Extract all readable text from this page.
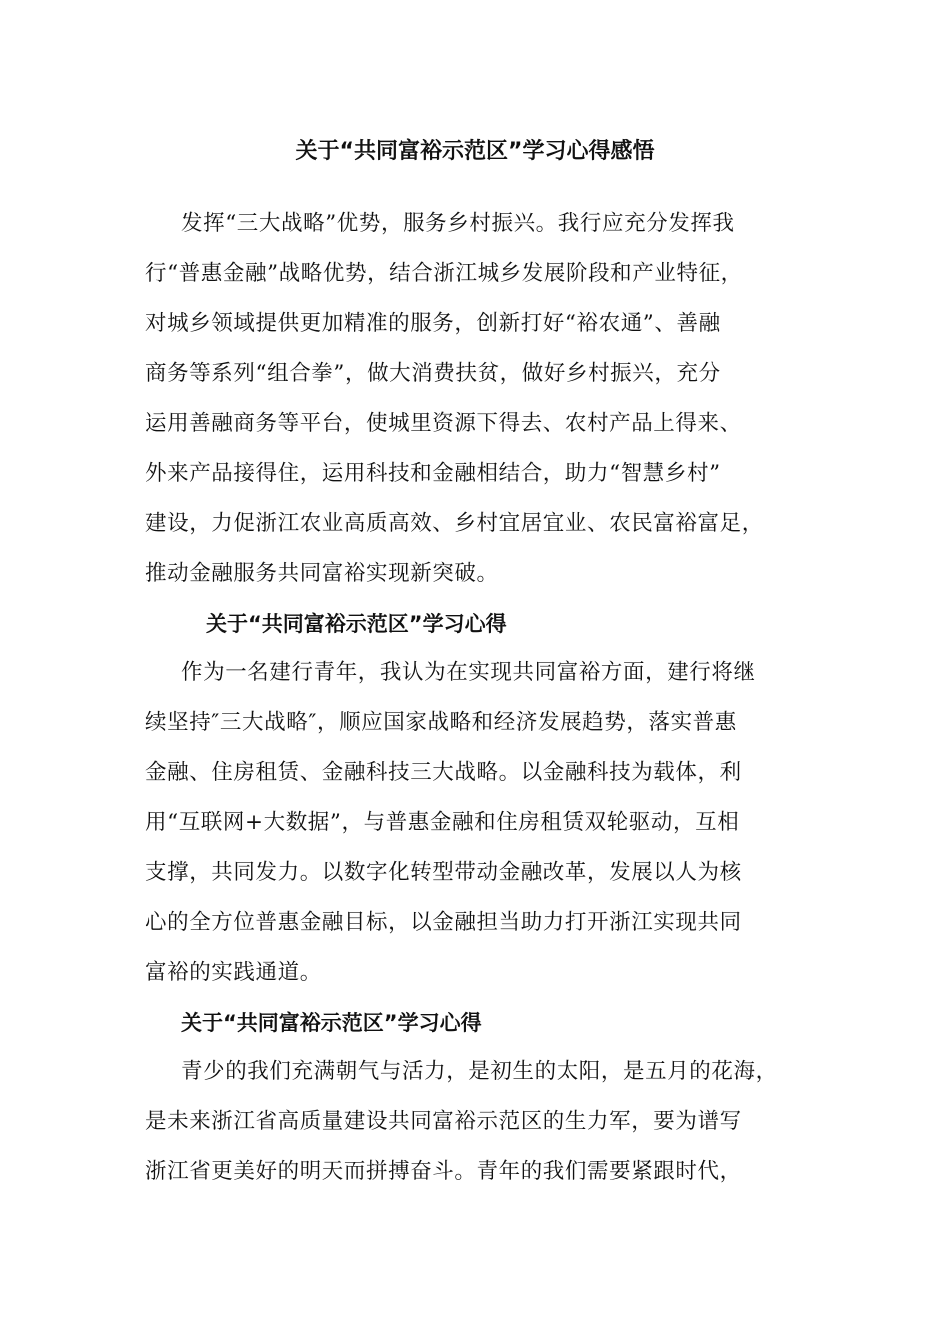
关于“共同富裕示范区”学习心得感悟
发挥“三大战略”优势，服务乡村振兴。我行应充分发挥我
行“普惠金融”战略优势，结合浙江城乡发展阶段和产业特征，
对城乡领域提供更加精准的服务，创新打好“裕农通”、善融
商务等系列“组合拳”，做大消费扶贫，做好乡村振兴，充分
运用善融商务等平台，使城里资源下得去、农村产品上得来、
外来产品接得住，运用科技和金融相结合，助力“智慧乡村”
建设，力促浙江农业高质高效、乡村宜居宜业、农民富裕富足，
推动金融服务共同富裕实现新突破。
关于“共同富裕示范区”学习心得
作为一名建行青年，我认为在实现共同富裕方面，建行将继
续坚持″三大战略″，顺应国家战略和经济发展趋势，落实普惠
金融、住房租赁、金融科技三大战略。以金融科技为载体，利
用“互联网+大数据”，与普惠金融和住房租赁双轮驱动，互相
支撑，共同发力。以数字化转型带动金融改革，发展以人为核
心的全方位普惠金融目标，以金融担当助力打开浙江实现共同
富裕的实践通道。
关于“共同富裕示范区”学习心得
青少的我们充满朝气与活力，是初生的太阳，是五月的花海，
是未来浙江省高质量建设共同富裕示范区的生力军，要为谱写
浙江省更美好的明天而拼搏奋斗。青年的我们需要紧跟时代，
